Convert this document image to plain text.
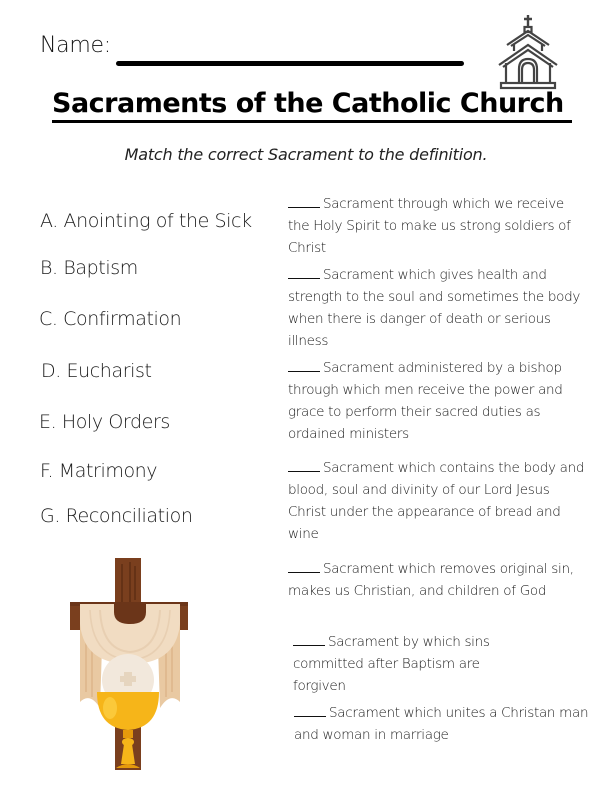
Name:
Sacraments of the Catholic Church
Match the correct Sacrament to the definition.
A. Anointing of the Sick
B. Baptism
C. Confirmation
D. Eucharist
E. Holy Orders
F. Matrimony
G. Reconciliation
Sacrament through which we receive the Holy Spirit to make us strong soldiers of Christ
Sacrament which gives health and strength to the soul and sometimes the body when there is danger of death or serious illness
Sacrament administered by a bishop through which men receive the power and grace to perform their sacred duties as ordained ministers
Sacrament which contains the body and blood, soul and divinity of our Lord Jesus Christ under the appearance of bread and wine
Sacrament which removes original sin, makes us Christian, and children of God
Sacrament by which sins committed after Baptism are forgiven
Sacrament which unites a Christan man and woman in marriage
